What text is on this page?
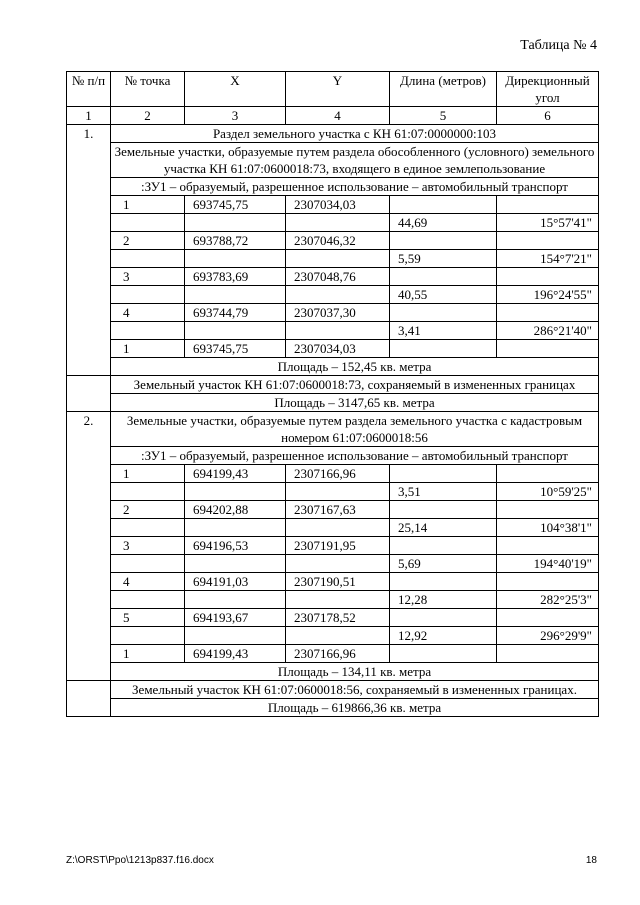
Таблица № 4
№ п/п	№ точка	X	Y	Длина (метров)	Дирекционный угол
1	2	3	4	5	6
1.	Раздел земельного участка с КН 61:07:0000000:103				
	Земельные участки, образуемые путем раздела обособленного (условного) земельного участка КН 61:07:0600018:73, входящего в единое землепользование				
	:ЗУ1 – образуемый, разрешенное использование – автомобильный транспорт				
	1	693745,75	2307034,03		
				44,69	15°57'41"
	2	693788,72	2307046,32		
				5,59	154°7'21"
	3	693783,69	2307048,76		
				40,55	196°24'55"
	4	693744,79	2307037,30		
				3,41	286°21'40"
	1	693745,75	2307034,03		
	Площадь – 152,45 кв. метра				
	Земельный участок КН 61:07:0600018:73, сохраняемый в измененных границах				
	Площадь – 3147,65 кв. метра				
2.	Земельные участки, образуемые путем раздела земельного участка с кадастровым номером 61:07:0600018:56				
	:ЗУ1 – образуемый, разрешенное использование – автомобильный транспорт				
	1	694199,43	2307166,96		
				3,51	10°59'25"
	2	694202,88	2307167,63		
				25,14	104°38'1"
	3	694196,53	2307191,95		
				5,69	194°40'19"
	4	694191,03	2307190,51		
				12,28	282°25'3"
	5	694193,67	2307178,52		
				12,92	296°29'9"
	1	694199,43	2307166,96		
	Площадь – 134,11 кв. метра				
	Земельный участок КН 61:07:0600018:56, сохраняемый в измененных границах.				
	Площадь – 619866,36 кв. метра				
Z:\ORST\Ppo\1213p837.f16.docx	18
